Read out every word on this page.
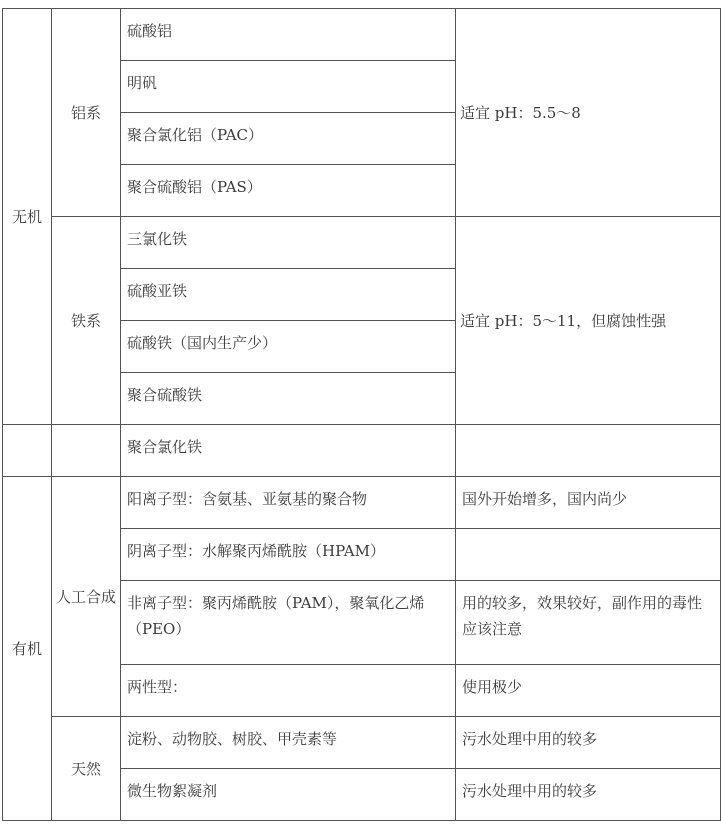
无机	铝系	硫酸铝	适宜 pH：5.5～8
		明矾	
		聚合氯化铝（PAC）	
		聚合硫酸铝（PAS）	
	铁系	三氯化铁	适宜 pH：5～11，但腐蚀性强
		硫酸亚铁	
		硫酸铁（国内生产少）	
		聚合硫酸铁	
		聚合氯化铁	
有机	人工合成	阳离子型：含氨基、亚氨基的聚合物	国外开始增多，国内尚少
		阴离子型：水解聚丙烯酰胺（HPAM）	
		非离子型：聚丙烯酰胺（PAM），聚氧化乙烯（PEO）	用的较多，效果较好，副作用的毒性应该注意
		两性型：	使用极少
	天然	淀粉、动物胶、树胶、甲壳素等	污水处理中用的较多
		微生物絮凝剂	污水处理中用的较多
